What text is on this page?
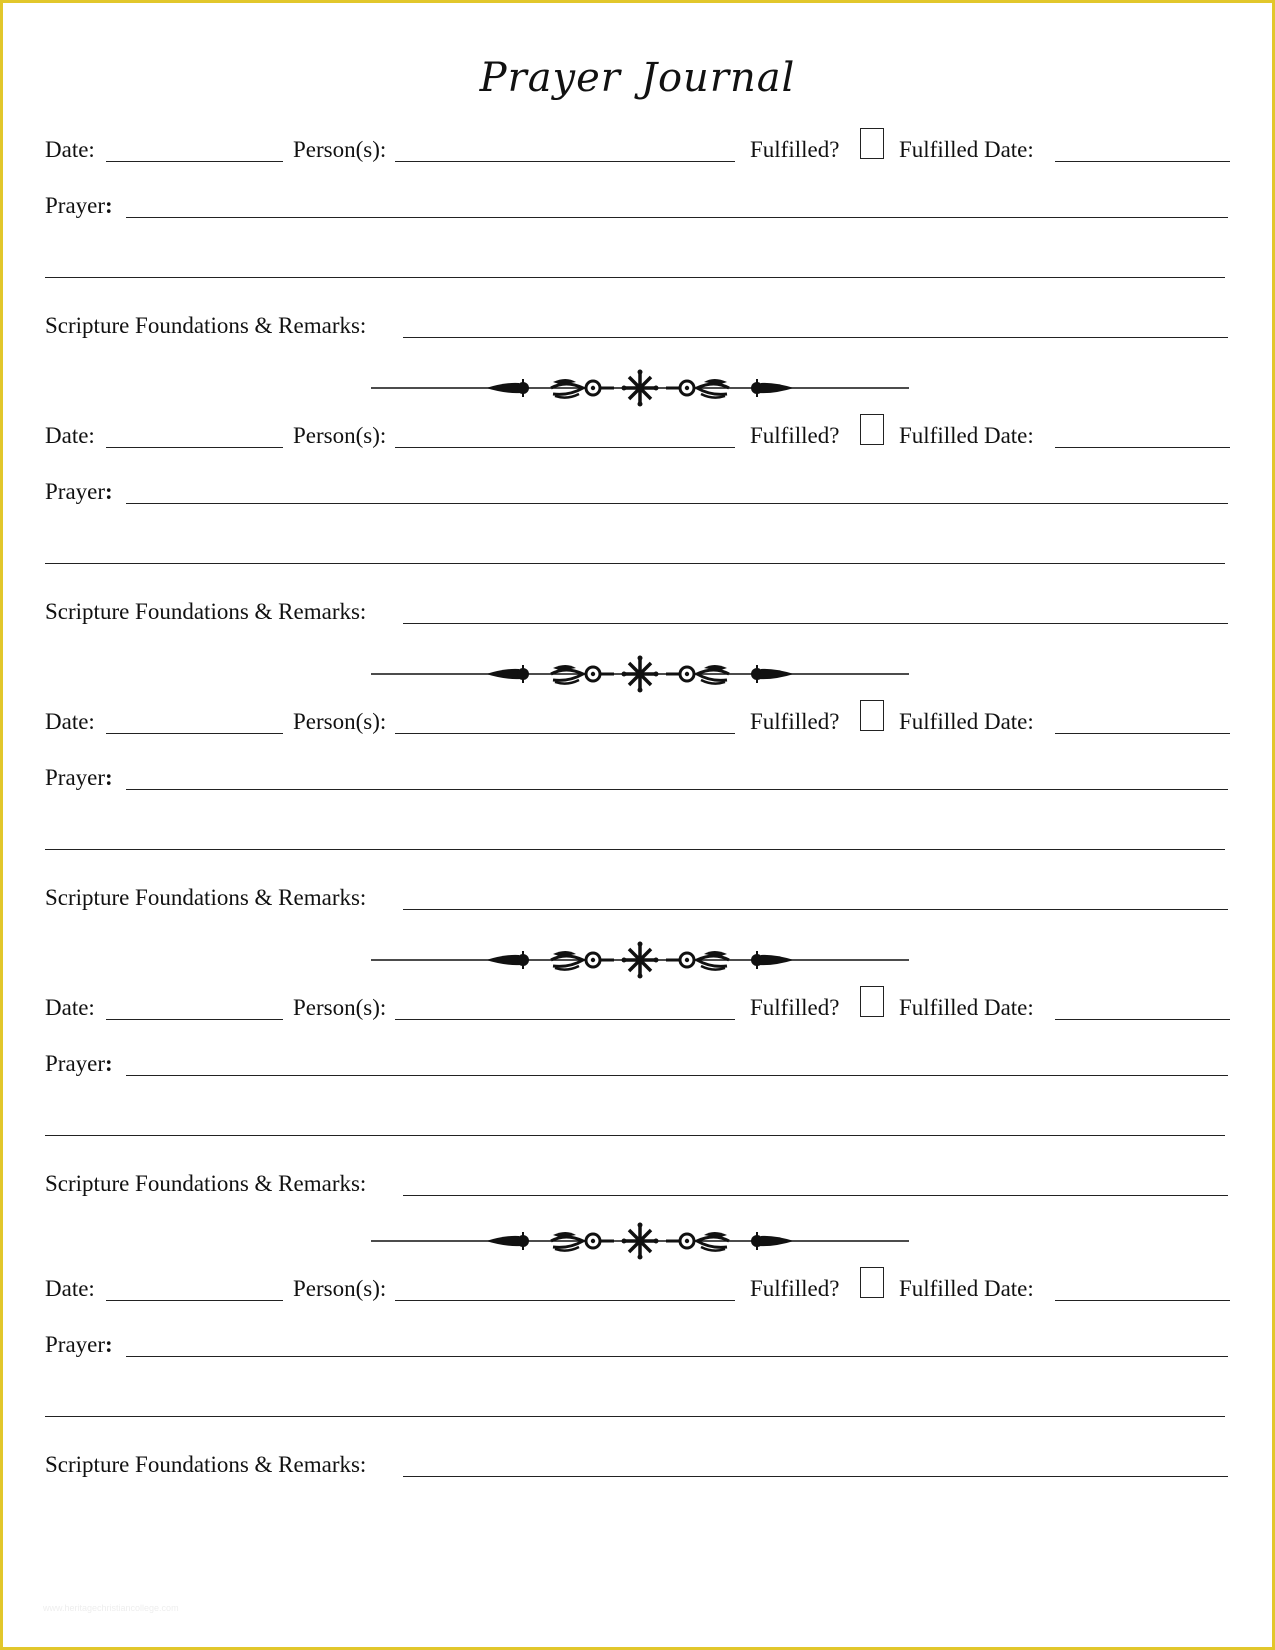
Prayer Journal
Date:	Person(s):	Fulfilled?	Fulfilled Date:
Prayer:
Scripture Foundations & Remarks:
Date:	Person(s):	Fulfilled?	Fulfilled Date:
Prayer:
Scripture Foundations & Remarks:
Date:	Person(s):	Fulfilled?	Fulfilled Date:
Prayer:
Scripture Foundations & Remarks:
Date:	Person(s):	Fulfilled?	Fulfilled Date:
Prayer:
Scripture Foundations & Remarks:
Date:	Person(s):	Fulfilled?	Fulfilled Date:
Prayer:
Scripture Foundations & Remarks:
www.heritagechristiancollege.com
